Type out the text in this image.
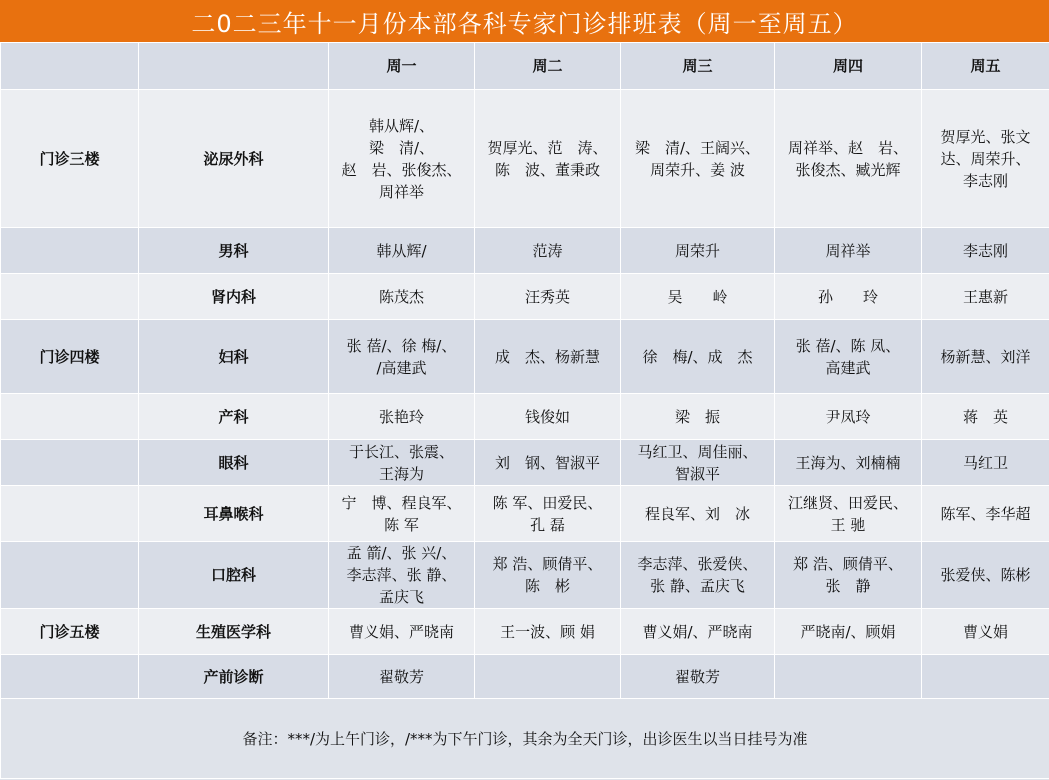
二0二三年十一月份本部各科专家门诊排班表（周一至周五）
		周一	周二	周三	周四	周五
门诊三楼	泌尿外科	韩从辉/、
梁　清/、
赵　岩、张俊杰、
周祥举	贺厚光、范　涛、
陈　波、董秉政	梁　清/、王阔兴、
周荣升、姜 波	周祥举、赵　岩、
张俊杰、臧光辉	贺厚光、张文
达、周荣升、
李志刚

	男科	韩从辉/	范涛	周荣升	周祥举	李志刚

	肾内科	陈茂杰	汪秀英	吴　　岭	孙　　玲	王惠新

门诊四楼	妇科	张 蓓/、徐 梅/、
/高建武	成　杰、杨新慧	徐　梅/、成　杰	张 蓓/、陈 凤、
高建武	杨新慧、刘洋

	产科	张艳玲	钱俊如	梁　振	尹凤玲	蒋　英

	眼科	于长江、张震、
王海为	刘　钢、智淑平	马红卫、周佳丽、
智淑平	王海为、刘楠楠	马红卫

	耳鼻喉科	宁　博、程良军、
陈 军	陈 军、田爱民、
孔 磊	程良军、刘　冰	江继贤、田爱民、
王 驰	陈军、李华超

	口腔科	孟 箭/、张 兴/、
李志萍、张 静、
孟庆飞	郑 浩、顾倩平、
陈　彬	李志萍、张爱侠、
张 静、孟庆飞	郑 浩、顾倩平、
张　静	张爱侠、陈彬

门诊五楼	生殖医学科	曹义娟、严晓南	王一波、顾 娟	曹义娟/、严晓南	严晓南/、顾娟	曹义娟

	产前诊断	翟敬芳		翟敬芳		

备注：***/为上午门诊，/***为下午门诊，其余为全天门诊，出诊医生以当日挂号为准						
